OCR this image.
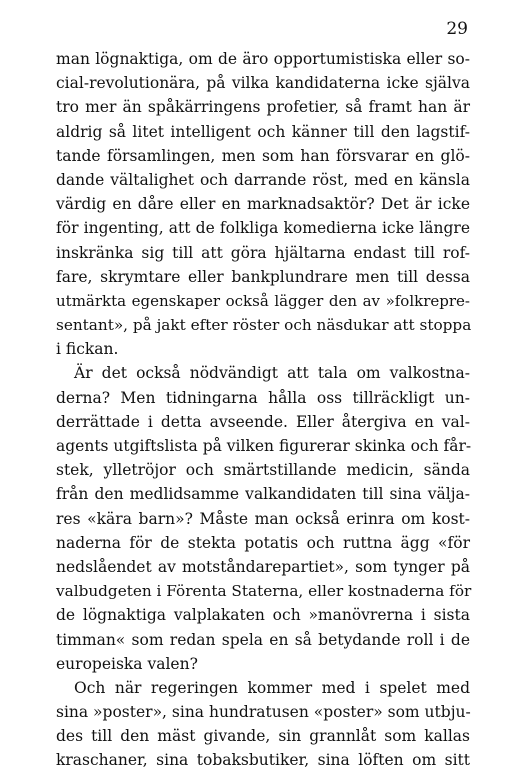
29
man lögnaktiga, om de äro opportumistiska eller so-
cial-revolutionära, på vilka kandidaterna icke själva
tro mer än spåkärringens profetier, så framt han är
aldrig så litet intelligent och känner till den lagstif-
tande församlingen, men som han försvarar en glö-
dande vältalighet och darrande röst, med en känsla
värdig en dåre eller en marknadsaktör? Det är icke
för ingenting, att de folkliga komedierna icke längre
inskränka sig till att göra hjältarna endast till rof-
fare, skrymtare eller bankplundrare men till dessa
utmärkta egenskaper också lägger den av »folkrepre-
sentant», på jakt efter röster och näsdukar att stoppa
i fickan.
Är det också nödvändigt att tala om valkostna-
derna? Men tidningarna hålla oss tillräckligt un-
derrättade i detta avseende. Eller återgiva en val-
agents utgiftslista på vilken figurerar skinka och får-
stek, ylletröjor och smärtstillande medicin, sända
från den medlidsamme valkandidaten till sina välja-
res «kära barn»? Måste man också erinra om kost-
naderna för de stekta potatis och ruttna ägg «för
nedslåendet av motståndarepartiet», som tynger på
valbudgeten i Förenta Staterna, eller kostnaderna för
de lögnaktiga valplakaten och »manövrerna i sista
timman« som redan spela en så betydande roll i de
europeiska valen?
Och när regeringen kommer med i spelet med
sina »poster», sina hundratusen «poster» som utbju-
des till den mäst givande, sin grannlåt som kallas
kraschaner, sina tobaksbutiker, sina löften om sitt
